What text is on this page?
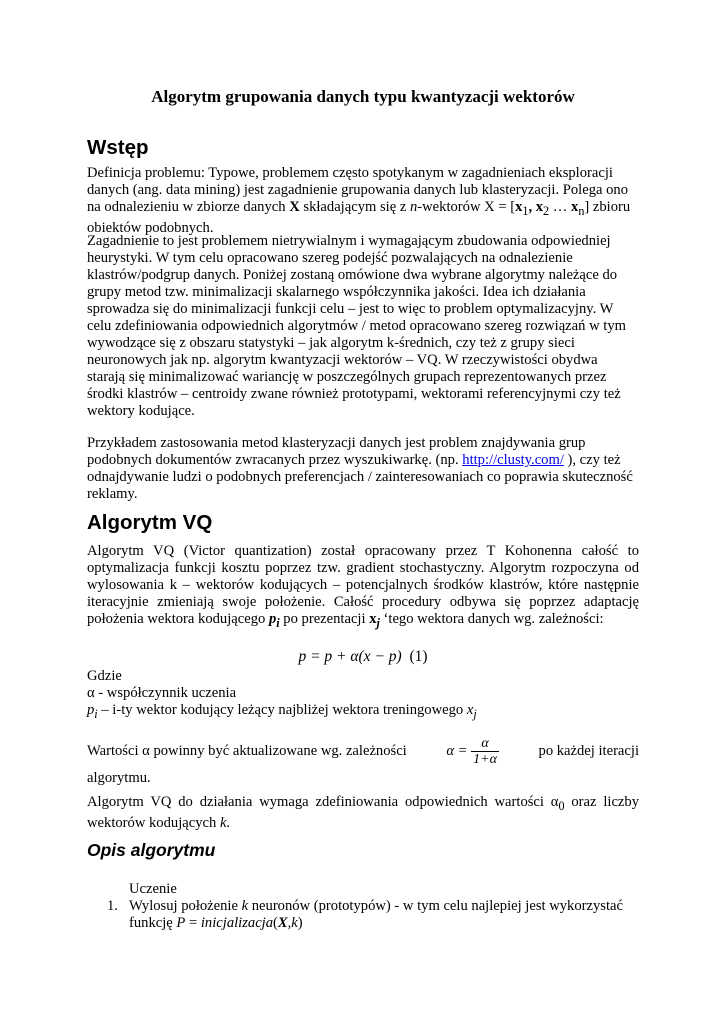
Algorytm grupowania danych typu kwantyzacji wektorów
Wstęp

Definicja problemu: Typowe, problemem często spotykanym w zagadnieniach eksploracji danych (ang. data mining) jest zagadnienie grupowania danych lub klasteryzacji. Polega ono na odnalezieniu w zbiorze danych X składającym się z n-wektorów $X = [x_1$, $x_2$ … $x_n$] zbioru obiektów podobnych.

Zagadnienie to jest problemem nietrywialnym i wymagającym zbudowania odpowiedniej heurystyki. W tym celu opracowano szereg podejść pozwalających na odnalezienie klastrów/podgrup danych. Poniżej zostaną omówione dwa wybrane algorytmy należące do grupy metod tzw. minimalizacji skalarnego współczynnika jakości. Idea ich działania sprowadza się do minimalizacji funkcji celu – jest to więc to problem optymalizacyjny. W celu zdefiniowania odpowiednich algorytmów / metod opracowano szereg rozwiązań w tym wywodzące się z obszaru statystyki – jak algorytm k-średnich, czy też z grupy sieci neuronowych jak np. algorytm kwantyzacji wektorów – VQ. W rzeczywistości obydwa starają się minimalizować wariancję w poszczególnych grupach reprezentowanych przez środki klastrów – centroidy zwane również prototypami, wektorami referencyjnymi czy też wektory kodujące.

Przykładem zastosowania metod klasteryzacji danych jest problem znajdywania grup podobnych dokumentów zwracanych przez wyszukiwarkę. (np. http://clusty.com/ ), czy też odnajdywanie ludzi o podobnych preferencjach / zainteresowaniach co poprawia skuteczność reklamy.

Algorytm VQ

Algorytm VQ (Victor quantization) został opracowany przez T Kohonenna całość to optymalizacja funkcji kosztu poprzez tzw. gradient stochastyczny. Algorytm rozpoczyna od wylosowania k – wektorów kodujących – potencjalnych środków klastrów, które następnie iteracyjnie zmieniają swoje położenie. Całość procedury odbywa się poprzez adaptację położenia wektora kodującego $p_i$ po prezentacji $x_j$ ‘tego wektora danych wg. zależności:

p = p + α(x − p) (1)

Gdzie

α - współczynnik uczenia

$p_i - i-ty$ wektor kodujący leżący najbliżej wektora treningowego $x_j$

Wartości α powinny być aktualizowane wg. zależności	$\alpha = \frac{\alpha}{1+\alpha}$	po każdej iteracji

algorytmu.

Algorytm VQ do działania wymaga zdefiniowania odpowiednich wartości $\alpha_0$ oraz liczby wektorów kodujących k.

Opis algorytmu

Uczenie

1. Wylosuj położenie k neuronów (prototypów) - w tym celu najlepiej jest wykorzystać funkcję P = inicjalizacja(X,k)
